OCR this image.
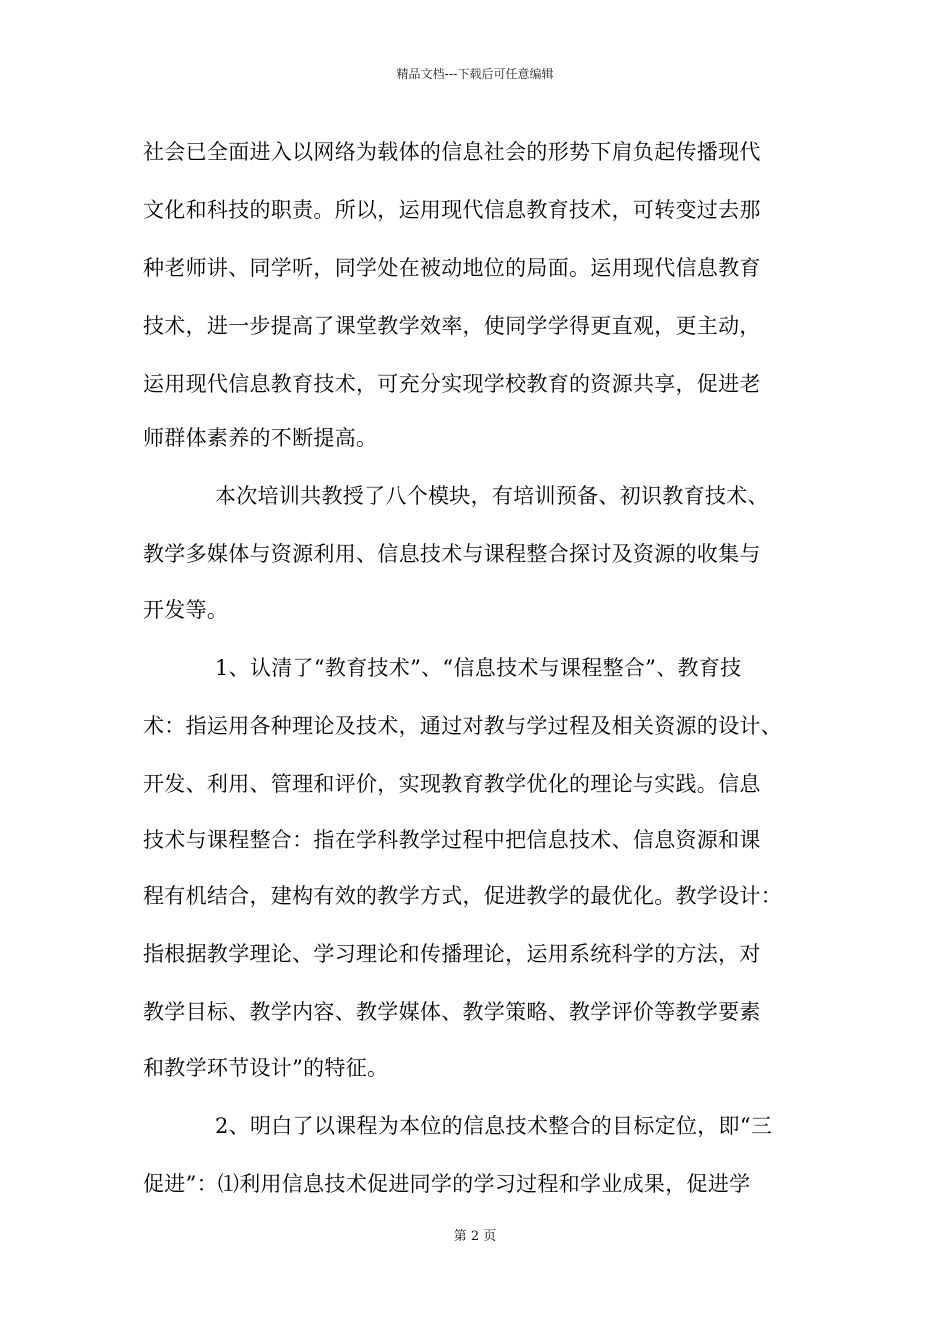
精品文档---下载后可任意编辑
社会已全面进入以网络为载体的信息社会的形势下肩负起传播现代
文化和科技的职责。所以，运用现代信息教育技术，可转变过去那
种老师讲、同学听，同学处在被动地位的局面。运用现代信息教育
技术，进一步提高了课堂教学效率，使同学学得更直观，更主动，
运用现代信息教育技术，可充分实现学校教育的资源共享，促进老
师群体素养的不断提高。
本次培训共教授了八个模块，有培训预备、初识教育技术、
教学多媒体与资源利用、信息技术与课程整合探讨及资源的收集与
开发等。
1、认清了“教育技术”、“信息技术与课程整合”、教育技
术：指运用各种理论及技术，通过对教与学过程及相关资源的设计、
开发、利用、管理和评价，实现教育教学优化的理论与实践。信息
技术与课程整合：指在学科教学过程中把信息技术、信息资源和课
程有机结合，建构有效的教学方式，促进教学的最优化。教学设计：
指根据教学理论、学习理论和传播理论，运用系统科学的方法，对
教学目标、教学内容、教学媒体、教学策略、教学评价等教学要素
和教学环节设计”的特征。
2、明白了以课程为本位的信息技术整合的目标定位，即“三
促进”：⑴利用信息技术促进同学的学习过程和学业成果，促进学
第 2 页
